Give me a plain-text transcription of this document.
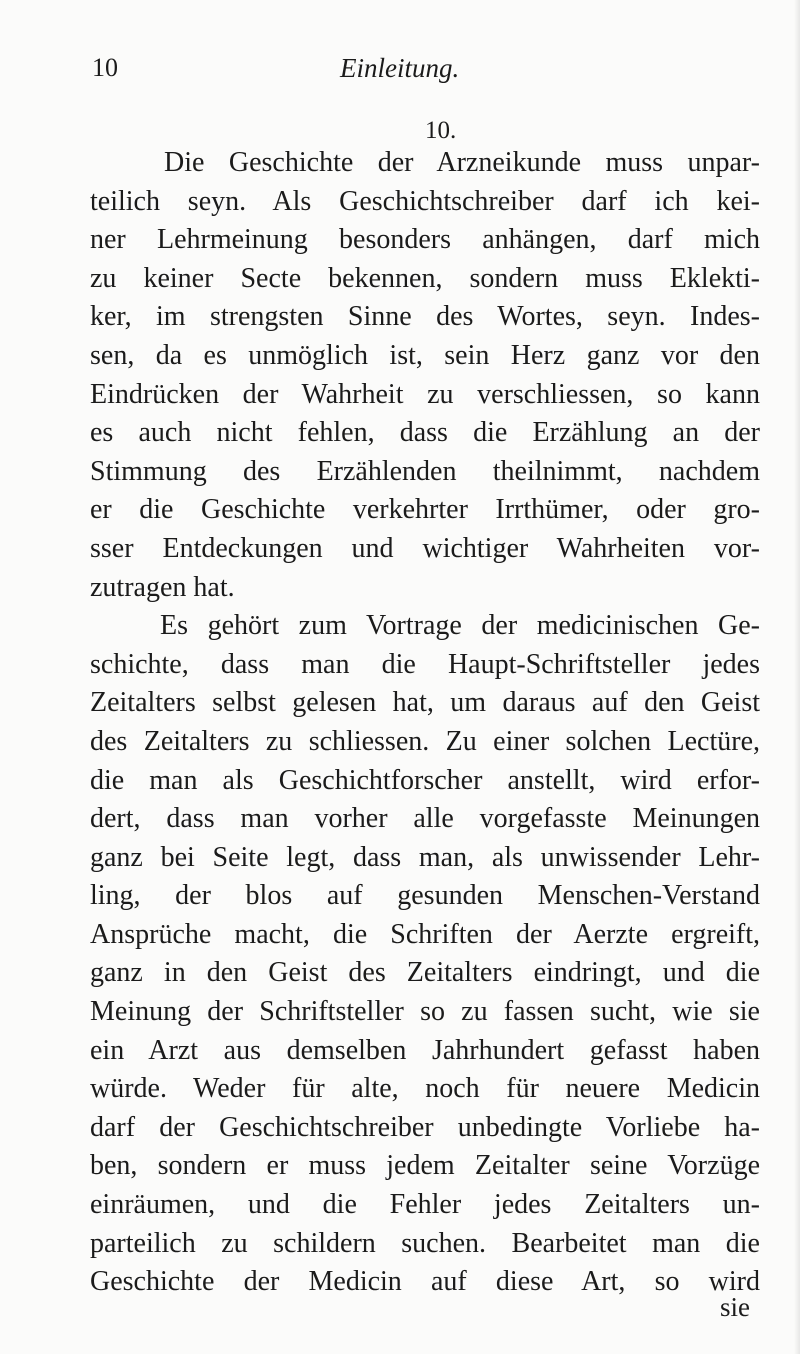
10	Einleitung.
10.
Die Geschichte der Arzneikunde muss unpar-
teilich seyn. Als Geschichtschreiber darf ich kei-
ner Lehrmeinung besonders anhängen, darf mich
zu keiner Secte bekennen, sondern muss Eklekti-
ker, im strengsten Sinne des Wortes, seyn. Indes-
sen, da es unmöglich ist, sein Herz ganz vor den
Eindrücken der Wahrheit zu verschliessen, so kann
es auch nicht fehlen, dass die Erzählung an der
Stimmung des Erzählenden theilnimmt, nachdem
er die Geschichte verkehrter Irrthümer, oder gro-
sser Entdeckungen und wichtiger Wahrheiten vor-
zutragen hat.
Es gehört zum Vortrage der medicinischen Ge-
schichte, dass man die Haupt-Schriftsteller jedes
Zeitalters selbst gelesen hat, um daraus auf den Geist
des Zeitalters zu schliessen. Zu einer solchen Lectüre,
die man als Geschichtforscher anstellt, wird erfor-
dert, dass man vorher alle vorgefasste Meinungen
ganz bei Seite legt, dass man, als unwissender Lehr-
ling, der blos auf gesunden Menschen-Verstand
Ansprüche macht, die Schriften der Aerzte ergreift,
ganz in den Geist des Zeitalters eindringt, und die
Meinung der Schriftsteller so zu fassen sucht, wie sie
ein Arzt aus demselben Jahrhundert gefasst haben
würde. Weder für alte, noch für neuere Medicin
darf der Geschichtschreiber unbedingte Vorliebe ha-
ben, sondern er muss jedem Zeitalter seine Vorzüge
einräumen, und die Fehler jedes Zeitalters un-
parteilich zu schildern suchen. Bearbeitet man die
Geschichte der Medicin auf diese Art, so wird
sie
